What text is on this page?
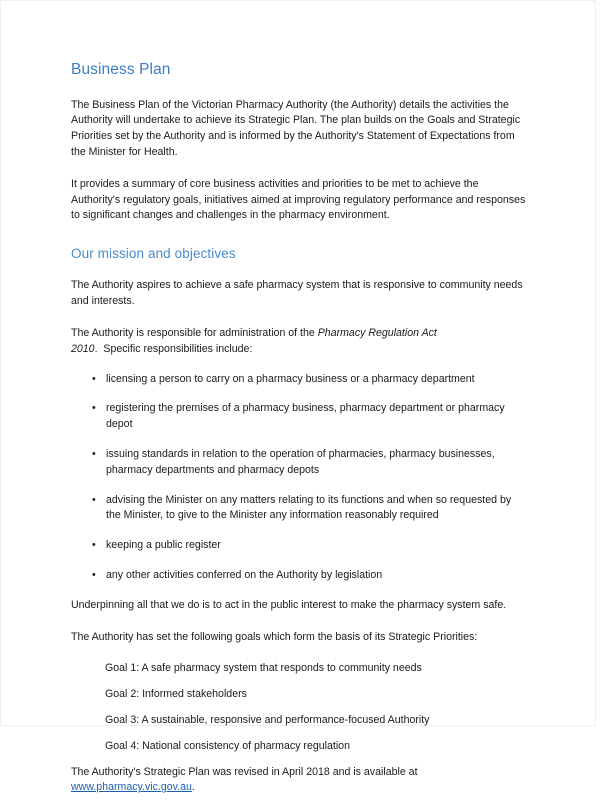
Business Plan

The Business Plan of the Victorian Pharmacy Authority (the Authority) details the activities the Authority will undertake to achieve its Strategic Plan. The plan builds on the Goals and Strategic Priorities set by the Authority and is informed by the Authority's Statement of Expectations from the Minister for Health.

It provides a summary of core business activities and priorities to be met to achieve the Authority's regulatory goals, initiatives aimed at improving regulatory performance and responses to significant changes and challenges in the pharmacy environment.

Our mission and objectives

The Authority aspires to achieve a safe pharmacy system that is responsive to community needs and interests.

The Authority is responsible for administration of the Pharmacy Regulation Act 2010.  Specific responsibilities include:

• licensing a person to carry on a pharmacy business or a pharmacy department
• registering the premises of a pharmacy business, pharmacy department or pharmacy depot
• issuing standards in relation to the operation of pharmacies, pharmacy businesses, pharmacy departments and pharmacy depots
• advising the Minister on any matters relating to its functions and when so requested by the Minister, to give to the Minister any information reasonably required
• keeping a public register
• any other activities conferred on the Authority by legislation

Underpinning all that we do is to act in the public interest to make the pharmacy system safe.

The Authority has set the following goals which form the basis of its Strategic Priorities:

Goal 1: A safe pharmacy system that responds to community needs
Goal 2: Informed stakeholders
Goal 3: A sustainable, responsive and performance-focused Authority
Goal 4: National consistency of pharmacy regulation

The Authority's Strategic Plan was revised in April 2018 and is available at www.pharmacy.vic.gov.au.
